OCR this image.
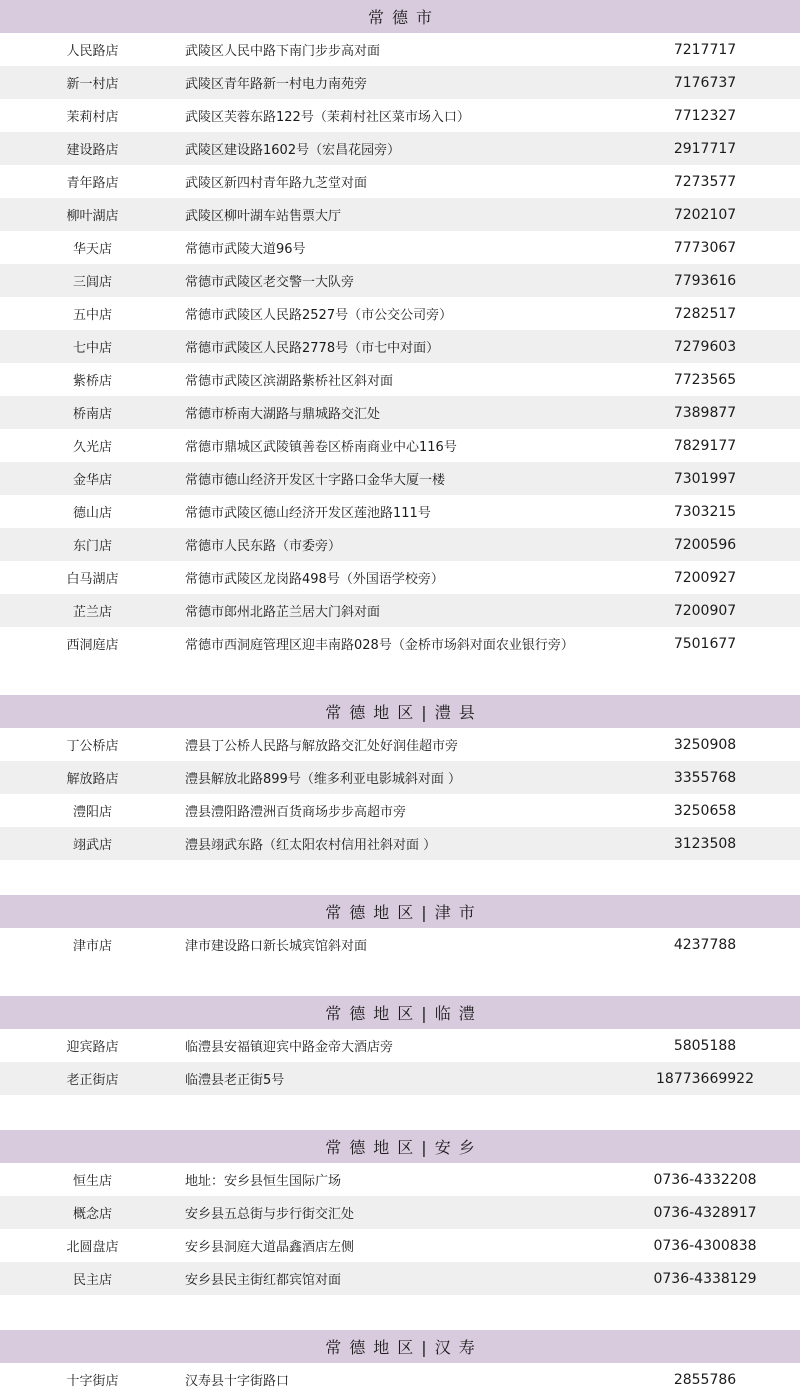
常德市
人民路店	武陵区人民中路下南门步步高对面	7217717
新一村店	武陵区青年路新一村电力南苑旁	7176737
茉莉村店	武陵区芙蓉东路122号（茉莉村社区菜市场入口）	7712327
建设路店	武陵区建设路1602号（宏昌花园旁）	2917717
青年路店	武陵区新四村青年路九芝堂对面	7273577
柳叶湖店	武陵区柳叶湖车站售票大厅	7202107
华天店	常德市武陵大道96号	7773067
三闾店	常德市武陵区老交警一大队旁	7793616
五中店	常德市武陵区人民路2527号（市公交公司旁）	7282517
七中店	常德市武陵区人民路2778号（市七中对面）	7279603
紫桥店	常德市武陵区滨湖路紫桥社区斜对面	7723565
桥南店	常德市桥南大湖路与鼎城路交汇处	7389877
久光店	常德市鼎城区武陵镇善卷区桥南商业中心116号	7829177
金华店	常德市德山经济开发区十字路口金华大厦一楼	7301997
德山店	常德市武陵区德山经济开发区莲池路111号	7303215
东门店	常德市人民东路（市委旁）	7200596
白马湖店	常德市武陵区龙岗路498号（外国语学校旁）	7200927
芷兰店	常德市郎州北路芷兰居大门斜对面	7200907
西洞庭店	常德市西洞庭管理区迎丰南路028号（金桥市场斜对面农业银行旁）	7501677
常德地区|澧县
丁公桥店	澧县丁公桥人民路与解放路交汇处好润佳超市旁	3250908
解放路店	澧县解放北路899号（维多利亚电影城斜对面 ）	3355768
澧阳店	澧县澧阳路澧洲百货商场步步高超市旁	3250658
翊武店	澧县翊武东路（红太阳农村信用社斜对面 ）	3123508
常德地区|津市
津市店	津市建设路口新长城宾馆斜对面	4237788
常德地区|临澧
迎宾路店	临澧县安福镇迎宾中路金帝大酒店旁	5805188
老正街店	临澧县老正街5号	18773669922
常德地区|安乡
恒生店	地址：安乡县恒生国际广场	0736-4332208
概念店	安乡县五总街与步行街交汇处	0736-4328917
北圆盘店	安乡县洞庭大道晶鑫酒店左侧	0736-4300838
民主店	安乡县民主街红都宾馆对面	0736-4338129
常德地区|汉寿
十字街店	汉寿县十字街路口	2855786
